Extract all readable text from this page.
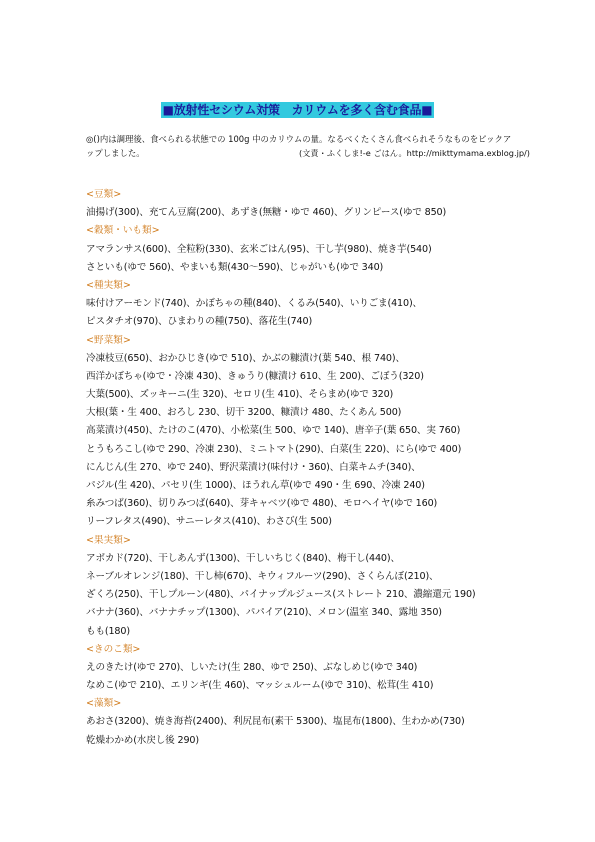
■放射性セシウム対策　カリウムを多く含む食品■
◎()内は調理後、食べられる状態での 100g 中のカリウムの量。なるべくたくさん食べられそうなものをピックア
ップしました。	(文責・ふくしま!-e ごはん。http://mikttymama.exblog.jp/)
<豆類>
油揚げ(300)、充てん豆腐(200)、あずき(無糖・ゆで 460)、グリンピース(ゆで 850)
<穀類・いも類>
アマランサス(600)、全粒粉(330)、玄米ごはん(95)、干し芋(980)、焼き芋(540)
さといも(ゆで 560)、やまいも類(430～590)、じゃがいも(ゆで 340)
<種実類>
味付けアーモンド(740)、かぼちゃの種(840)、くるみ(540)、いりごま(410)、
ピスタチオ(970)、ひまわりの種(750)、落花生(740)
<野菜類>
冷凍枝豆(650)、おかひじき(ゆで 510)、かぶの糠漬け(葉 540、根 740)、
西洋かぼちゃ(ゆで・冷凍 430)、きゅうり(糠漬け 610、生 200)、ごぼう(320)
大葉(500)、ズッキーニ(生 320)、セロリ(生 410)、そらまめ(ゆで 320)
大根(葉・生 400、おろし 230、切干 3200、糠漬け 480、たくあん 500)
高菜漬け(450)、たけのこ(470)、小松菜(生 500、ゆで 140)、唐辛子(葉 650、実 760)
とうもろこし(ゆで 290、冷凍 230)、ミニトマト(290)、白菜(生 220)、にら(ゆで 400)
にんじん(生 270、ゆで 240)、野沢菜漬け(味付け・360)、白菜キムチ(340)、
パジル(生 420)、パセリ(生 1000)、ほうれん草(ゆで 490・生 690、冷凍 240)
糸みつば(360)、切りみつば(640)、芽キャベツ(ゆで 480)、モロヘイヤ(ゆで 160)
リーフレタス(490)、サニーレタス(410)、わさび(生 500)
<果実類>
アボカド(720)、干しあんず(1300)、干しいちじく(840)、梅干し(440)、
ネーブルオレンジ(180)、干し柿(670)、キウィフルーツ(290)、さくらんぼ(210)、
ざくろ(250)、干しプルーン(480)、パイナップルジュース(ストレート 210、濃縮還元 190)
バナナ(360)、バナナチップ(1300)、パパイア(210)、メロン(温室 340、露地 350)
もも(180)
<きのこ類>
えのきたけ(ゆで 270)、しいたけ(生 280、ゆで 250)、ぶなしめじ(ゆで 340)
なめこ(ゆで 210)、エリンギ(生 460)、マッシュルーム(ゆで 310)、松茸(生 410)
<藻類>
あおさ(3200)、焼き海苔(2400)、利尻昆布(素干 5300)、塩昆布(1800)、生わかめ(730)
乾燥わかめ(水戻し後 290)
